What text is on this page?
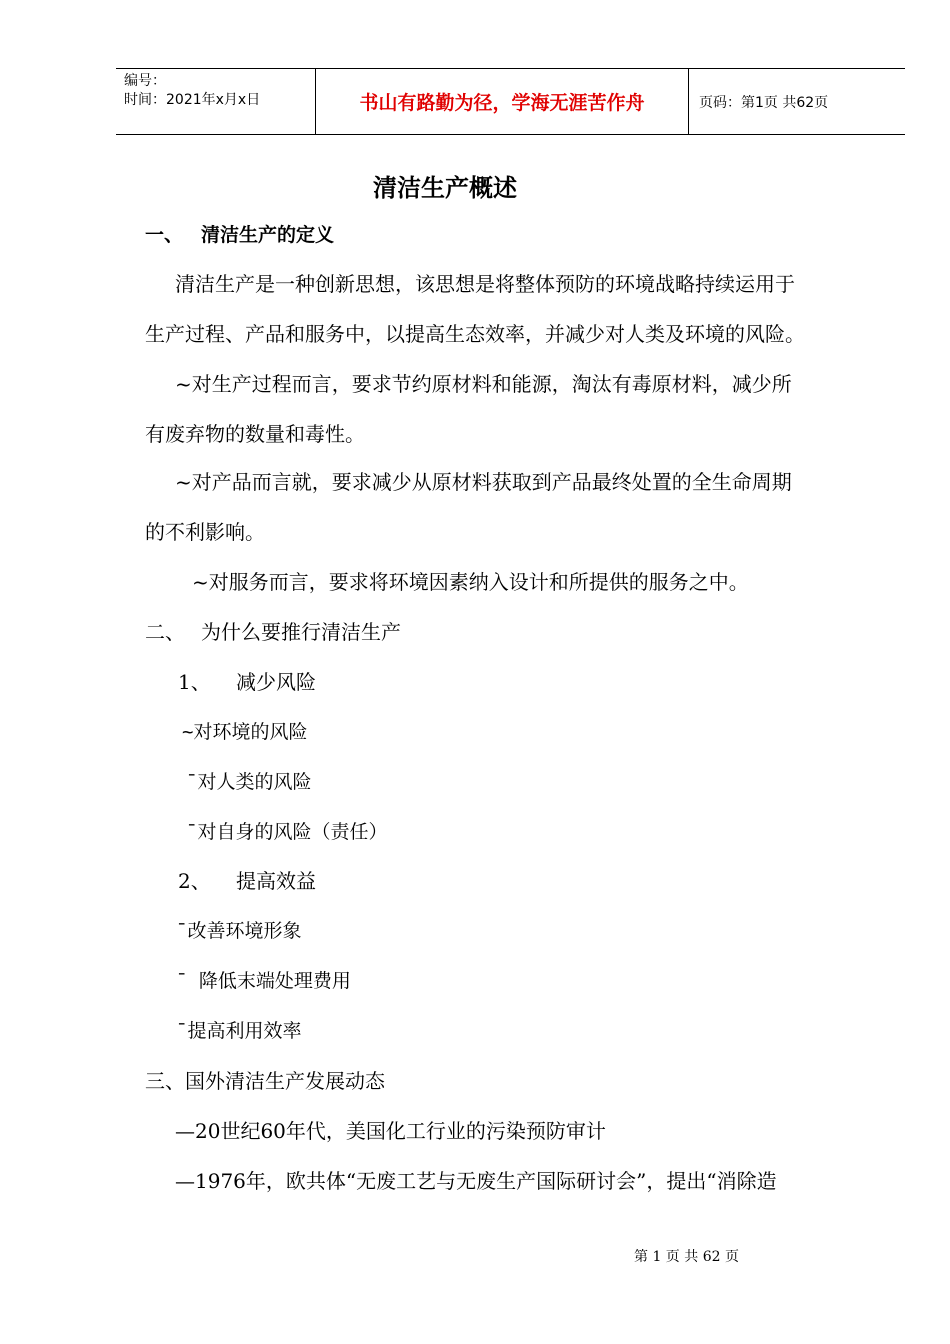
编号：
时间：2021年x月x日	书山有路勤为径，学海无涯苦作舟	页码：第1页 共62页
清洁生产概述
一、 清洁生产的定义
清洁生产是一种创新思想，该思想是将整体预防的环境战略持续运用于
生产过程、产品和服务中，以提高生态效率，并减少对人类及环境的风险。
~对生产过程而言，要求节约原材料和能源，淘汰有毒原材料，减少所
有废弃物的数量和毒性。
~对产品而言就，要求减少从原材料获取到产品最终处置的全生命周期
的不利影响。
~对服务而言，要求将环境因素纳入设计和所提供的服务之中。
二、 为什么要推行清洁生产
1、 减少风险
~对环境的风险
¯对人类的风险
¯对自身的风险（责任）
2、 提高效益
¯改善环境形象
¯ 降低末端处理费用
¯提高利用效率
三、国外清洁生产发展动态
—20世纪60年代，美国化工行业的污染预防审计
—1976年，欧共体“无废工艺与无废生产国际研讨会”，提出“消除造
第 1 页 共 62 页
